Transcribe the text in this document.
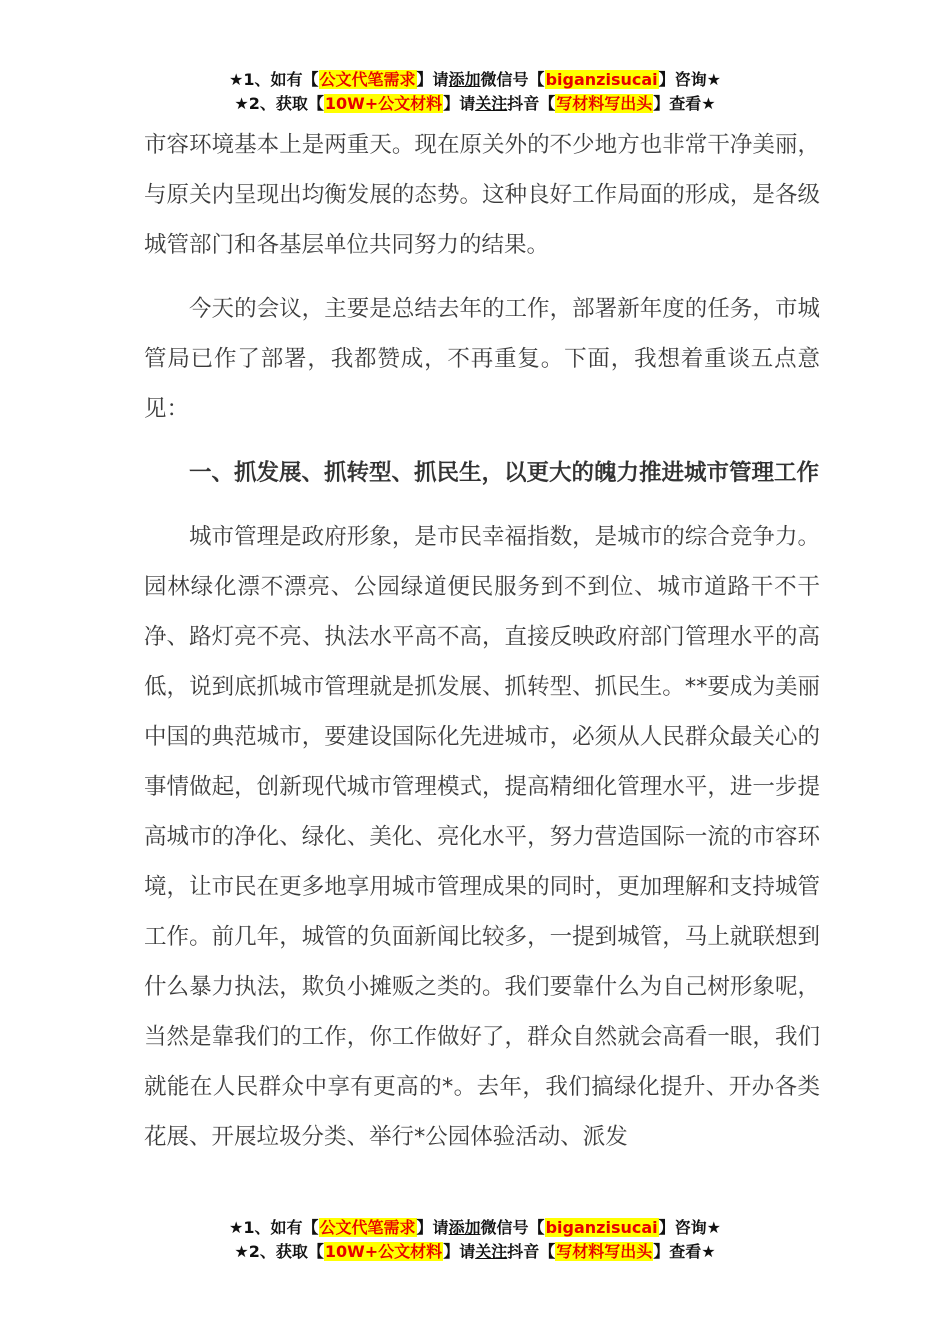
★1、如有【公文代笔需求】请添加微信号【biganzisucai】咨询★
★2、获取【10W+公文材料】请关注抖音【写材料写出头】查看★

市容环境基本上是两重天。现在原关外的不少地方也非常干净美丽，与原关内呈现出均衡发展的态势。这种良好工作局面的形成，是各级城管部门和各基层单位共同努力的结果。

今天的会议，主要是总结去年的工作，部署新年度的任务，市城管局已作了部署，我都赞成，不再重复。下面，我想着重谈五点意见：

一、抓发展、抓转型、抓民生，以更大的魄力推进城市管理工作

城市管理是政府形象，是市民幸福指数，是城市的综合竞争力。园林绿化漂不漂亮、公园绿道便民服务到不到位、城市道路干不干净、路灯亮不亮、执法水平高不高，直接反映政府部门管理水平的高低，说到底抓城市管理就是抓发展、抓转型、抓民生。**要成为美丽中国的典范城市，要建设国际化先进城市，必须从人民群众最关心的事情做起，创新现代城市管理模式，提高精细化管理水平，进一步提高城市的净化、绿化、美化、亮化水平，努力营造国际一流的市容环境，让市民在更多地享用城市管理成果的同时，更加理解和支持城管工作。前几年，城管的负面新闻比较多，一提到城管，马上就联想到什么暴力执法，欺负小摊贩之类的。我们要靠什么为自己树形象呢，当然是靠我们的工作，你工作做好了，群众自然就会高看一眼，我们就能在人民群众中享有更高的*。去年，我们搞绿化提升、开办各类花展、开展垃圾分类、举行*公园体验活动、派发

★1、如有【公文代笔需求】请添加微信号【biganzisucai】咨询★
★2、获取【10W+公文材料】请关注抖音【写材料写出头】查看★
